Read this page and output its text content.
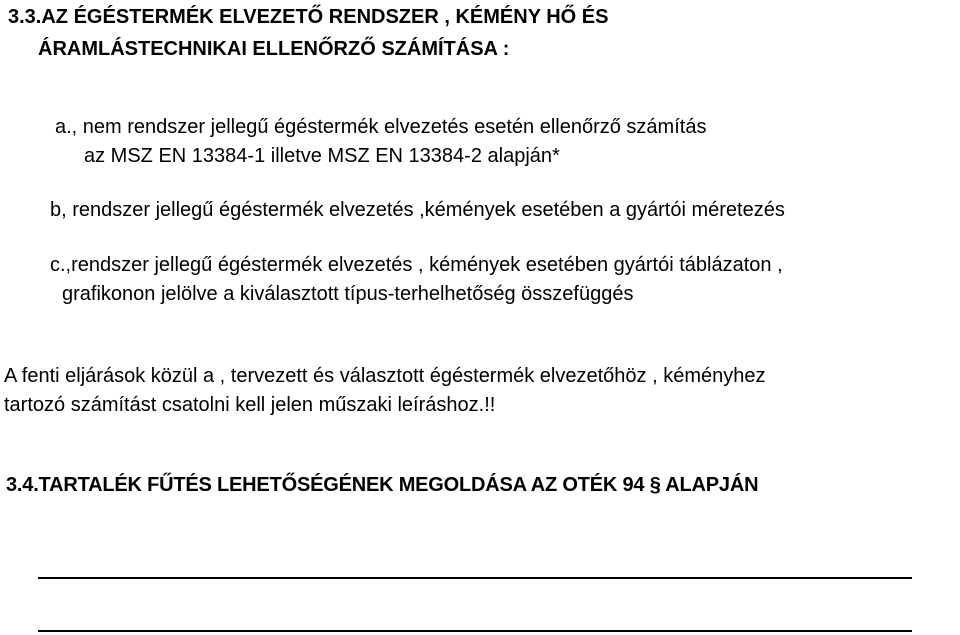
3.3.AZ ÉGÉSTERMÉK ELVEZETŐ RENDSZER , KÉMÉNY HŐ ÉS
ÁRAMLÁSTECHNIKAI ELLENŐRZŐ SZÁMÍTÁSA :
a., nem rendszer jellegű égéstermék elvezetés esetén ellenőrző számítás
az MSZ EN 13384-1 illetve MSZ EN 13384-2 alapján*
b, rendszer jellegű égéstermék elvezetés ,kémények esetében a gyártói méretezés
c.,rendszer jellegű égéstermék elvezetés , kémények esetében gyártói táblázaton ,
grafikonon jelölve a kiválasztott típus-terhelhetőség összefüggés
A fenti eljárások közül a , tervezett és választott égéstermék elvezetőhöz , kéményhez
tartozó számítást csatolni kell jelen műszaki leíráshoz.!!
3.4.TARTALÉK FŰTÉS LEHETŐSÉGÉNEK MEGOLDÁSA AZ OTÉK 94 § ALAPJÁN
